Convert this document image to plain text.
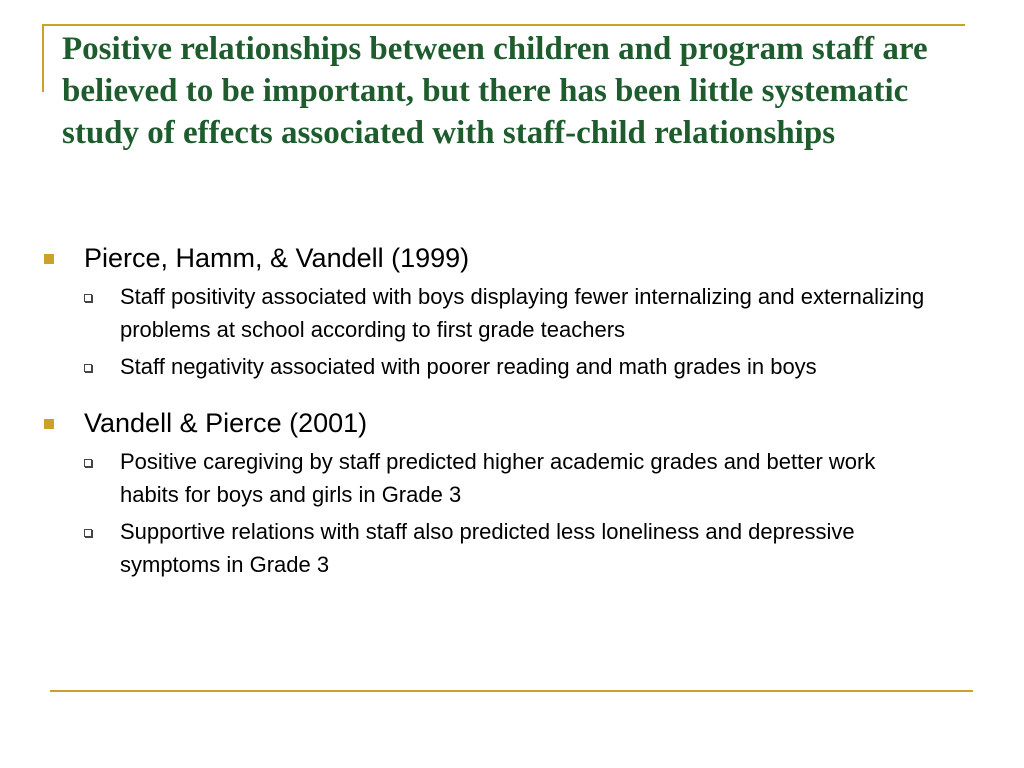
Positive relationships between children and program staff are believed to be important, but there has been little systematic study of effects associated with staff-child relationships
Pierce, Hamm, & Vandell (1999)
Staff positivity associated with boys displaying fewer internalizing and externalizing problems at school according to first grade teachers
Staff negativity associated with poorer reading and math grades in boys
Vandell & Pierce (2001)
Positive caregiving by staff predicted higher academic grades and better work habits for boys and girls in Grade 3
Supportive relations with staff also predicted less loneliness and depressive symptoms in Grade 3
